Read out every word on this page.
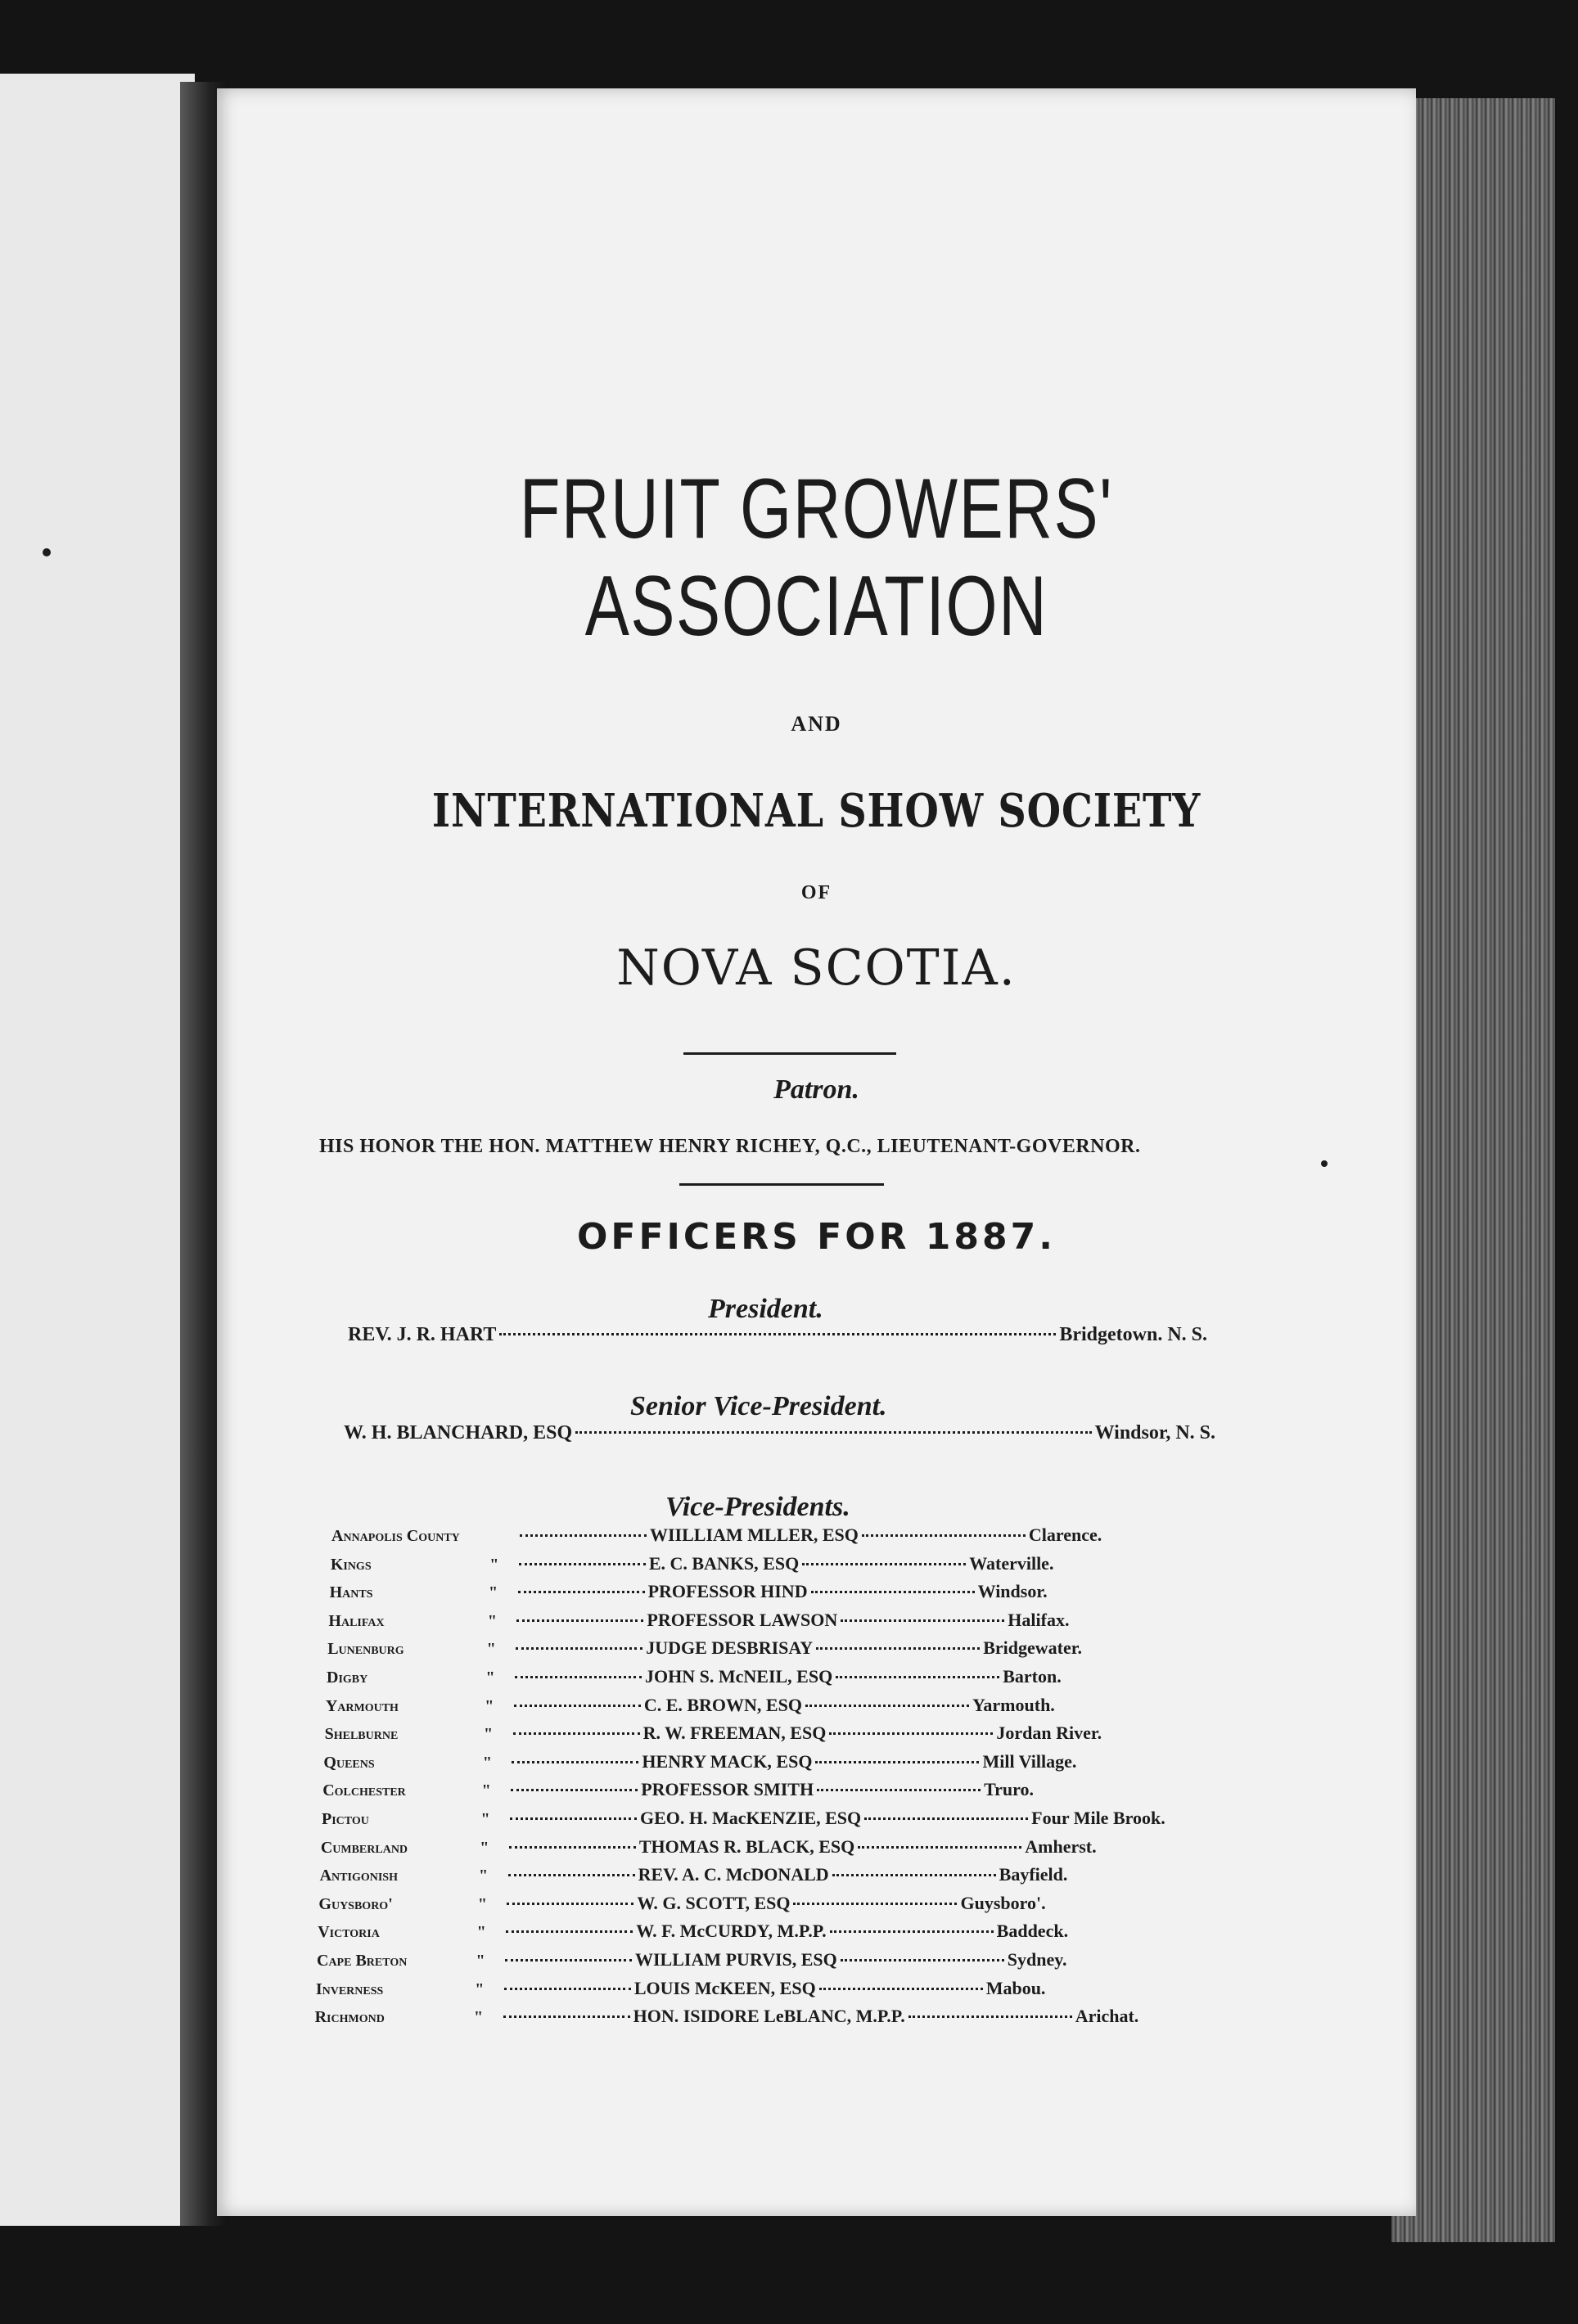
FRUIT GROWERS' ASSOCIATION
AND
INTERNATIONAL SHOW SOCIETY
OF
NOVA SCOTIA.
Patron.
HIS HONOR THE HON. MATTHEW HENRY RICHEY, Q.C., LIEUTENANT-GOVERNOR.
OFFICERS FOR 1887.
President.
REV. J. R. HART	Bridgetown. N. S.
Senior Vice-President.
W. H. BLANCHARD, ESQ	Windsor, N. S.
Vice-Presidents.
Annapolis County	WIILLIAM MLLER, ESQ	Clarence.
Kings	"	E. C. BANKS, ESQ	Waterville.
Hants	"	PROFESSOR HIND	Windsor.
Halifax	"	PROFESSOR LAWSON	Halifax.
Lunenburg	"	JUDGE DESBRISAY	Bridgewater.
Digby	"	JOHN S. McNEIL, ESQ	Barton.
Yarmouth	"	C. E. BROWN, ESQ	Yarmouth.
Shelburne	"	R. W. FREEMAN, ESQ	Jordan River.
Queens	"	HENRY MACK, ESQ	Mill Village.
Colchester	"	PROFESSOR SMITH	Truro.
Pictou	"	GEO. H. MacKENZIE, ESQ	Four Mile Brook.
Cumberland	"	THOMAS R. BLACK, ESQ	Amherst.
Antigonish	"	REV. A. C. McDONALD	Bayfield.
Guysboro'	"	W. G. SCOTT, ESQ	Guysboro'.
Victoria	"	W. F. McCURDY, M.P.P.	Baddeck.
Cape Breton	"	WILLIAM PURVIS, ESQ	Sydney.
Inverness	"	LOUIS McKEEN, ESQ	Mabou.
Richmond	"	HON. ISIDORE LeBLANC, M.P.P.	Arichat.
